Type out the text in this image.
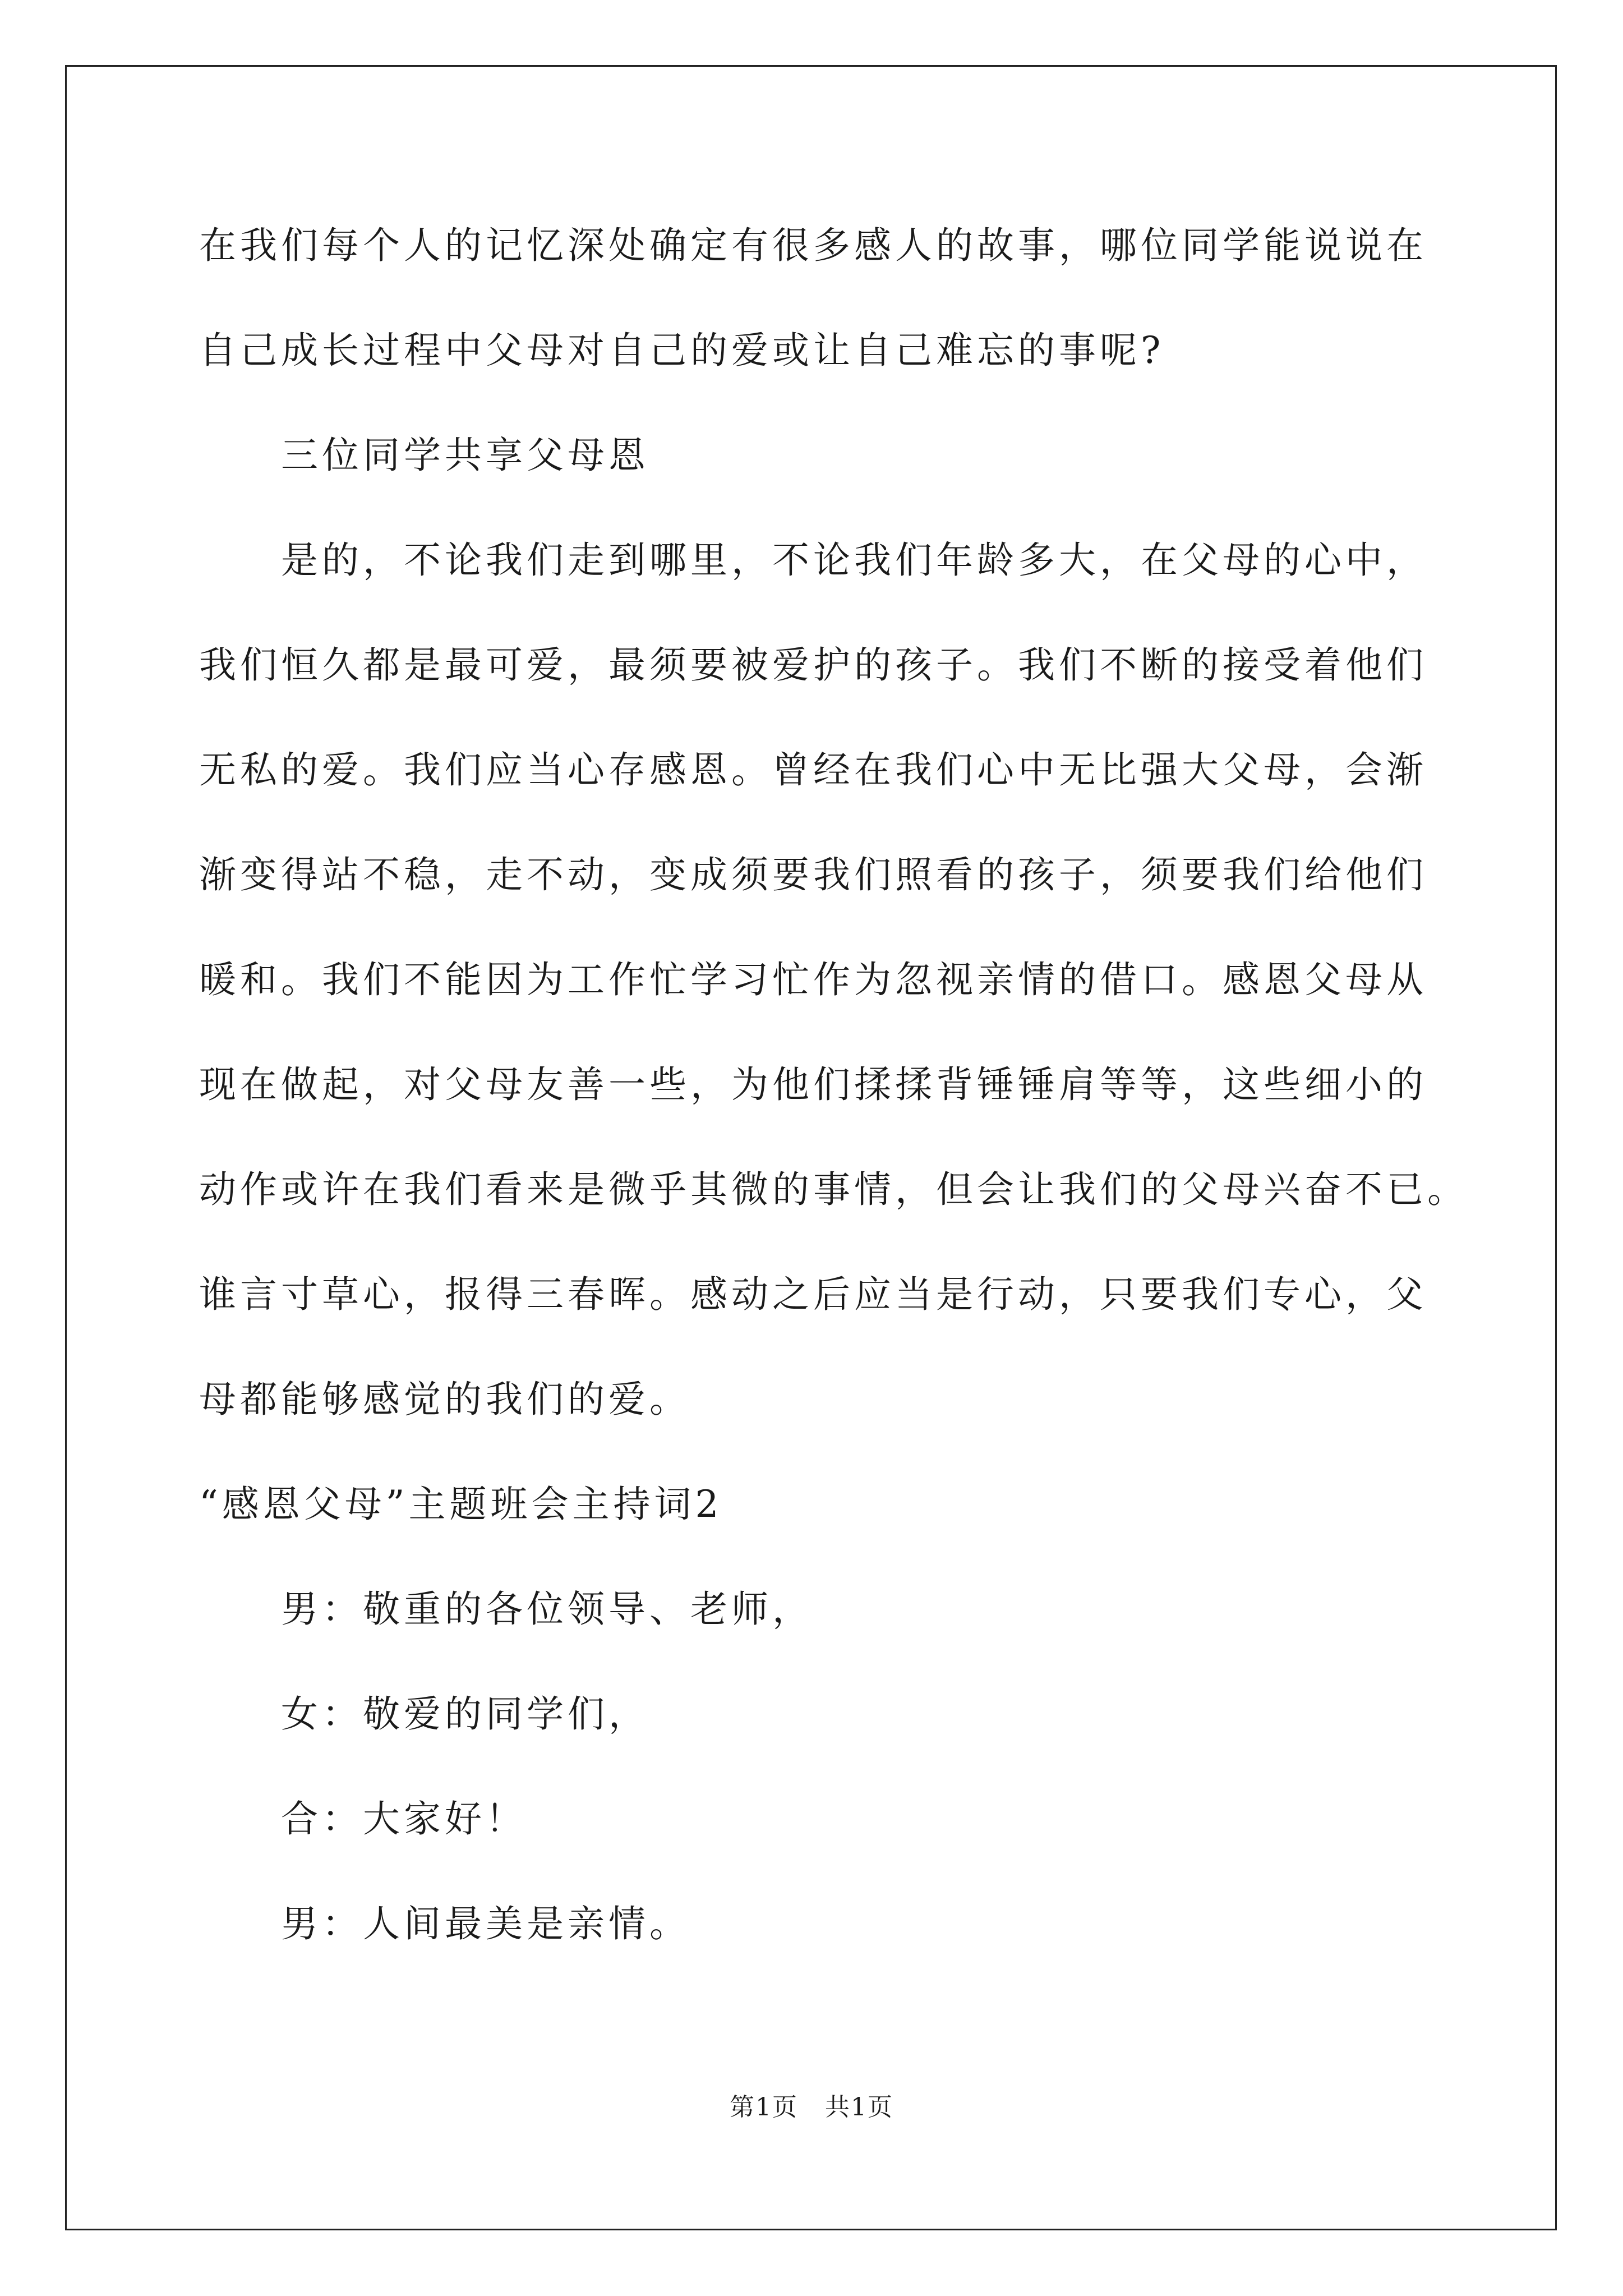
在我们每个人的记忆深处确定有很多感人的故事，哪位同学能说说在
自己成长过程中父母对自己的爱或让自己难忘的事呢?
三位同学共享父母恩
是的，不论我们走到哪里，不论我们年龄多大，在父母的心中，
我们恒久都是最可爱，最须要被爱护的孩子。我们不断的接受着他们
无私的爱。我们应当心存感恩。曾经在我们心中无比强大父母，会渐
渐变得站不稳，走不动，变成须要我们照看的孩子，须要我们给他们
暖和。我们不能因为工作忙学习忙作为忽视亲情的借口。感恩父母从
现在做起，对父母友善一些，为他们揉揉背锤锤肩等等，这些细小的
动作或许在我们看来是微乎其微的事情，但会让我们的父母兴奋不已。
谁言寸草心，报得三春晖。感动之后应当是行动，只要我们专心，父
母都能够感觉的我们的爱。
“感恩父母”主题班会主持词2
男：敬重的各位领导、老师，
女：敬爱的同学们，
合：大家好！
男：人间最美是亲情。
第1页 共1页
